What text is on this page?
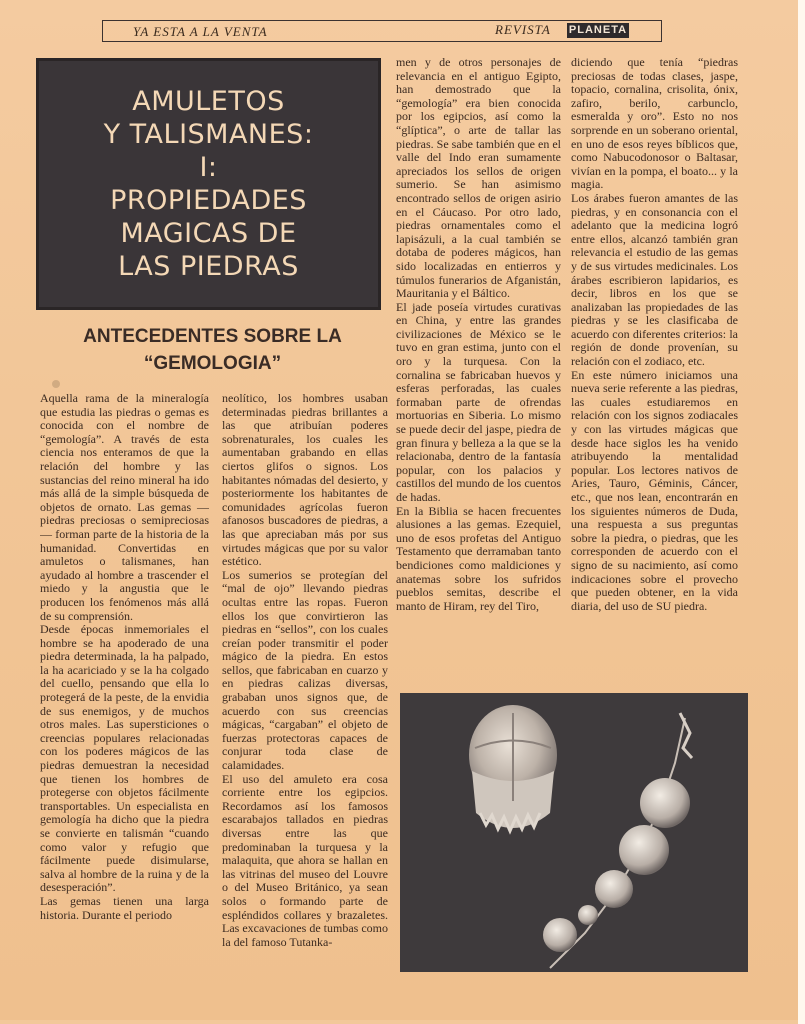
YA ESTA A LA VENTA	REVISTA PLANETA
AMULETOS
Y TALISMANES:
I:
PROPIEDADES
MAGICAS DE
LAS PIEDRAS
ANTECEDENTES SOBRE LA
“GEMOLOGIA”

Aquella rama de la mineralogía que estudia las piedras o gemas es conocida con el nombre de “gemología”. A través de esta ciencia nos enteramos de que la relación del hombre y las sustancias del reino mineral ha ido más allá de la simple búsqueda de objetos de ornato. Las gemas —piedras preciosas o semipreciosas— forman parte de la historia de la humanidad. Convertidas en amuletos o talismanes, han ayudado al hombre a trascender el miedo y la angustia que le producen los fenómenos más allá de su comprensión.

Desde épocas inmemoriales el hombre se ha apoderado de una piedra determinada, la ha palpado, la ha acariciado y se la ha colgado del cuello, pensando que ella lo protegerá de la peste, de la envidia de sus enemigos, y de muchos otros males. Las supersticiones o creencias populares relacionadas con los poderes mágicos de las piedras demuestran la necesidad que tienen los hombres de protegerse con objetos fácilmente transportables. Un especialista en gemología ha dicho que la piedra se convierte en talismán “cuando como valor y refugio que fácilmente puede disimularse, salva al hombre de la ruina y de la desesperación”.

Las gemas tienen una larga historia. Durante el periodo

neolítico, los hombres usaban determinadas piedras brillantes a las que atribuían poderes sobrenaturales, los cuales les aumentaban grabando en ellas ciertos glifos o signos. Los habitantes nómadas del desierto, y posteriormente los habitantes de comunidades agrícolas fueron afanosos buscadores de piedras, a las que apreciaban más por sus virtudes mágicas que por su valor estético.

Los sumerios se protegían del “mal de ojo” llevando piedras ocultas entre las ropas. Fueron ellos los que convirtieron las piedras en “sellos”, con los cuales creían poder transmitir el poder mágico de la piedra. En estos sellos, que fabricaban en cuarzo y en piedras calizas diversas, grababan unos signos que, de acuerdo con sus creencias mágicas, “cargaban” el objeto de fuerzas protectoras capaces de conjurar toda clase de calamidades.

El uso del amuleto era cosa corriente entre los egipcios. Recordamos así los famosos escarabajos tallados en piedras diversas entre las que predominaban la turquesa y la malaquita, que ahora se hallan en las vitrinas del museo del Louvre o del Museo Británico, ya sean solos o formando parte de espléndidos collares y brazaletes. Las excavaciones de tumbas como la del famoso Tutanka-

men y de otros personajes de relevancia en el antiguo Egipto, han demostrado que la “gemología” era bien conocida por los egipcios, así como la “glíptica”, o arte de tallar las piedras. Se sabe también que en el valle del Indo eran sumamente apreciados los sellos de origen sumerio. Se han asimismo encontrado sellos de origen asirio en el Cáucaso. Por otro lado, piedras ornamentales como el lapisázuli, a la cual también se dotaba de poderes mágicos, han sido localizadas en entierros y túmulos funerarios de Afganistán, Mauritania y el Báltico.

El jade poseía virtudes curativas en China, y entre las grandes civilizaciones de México se le tuvo en gran estima, junto con el oro y la turquesa. Con la cornalina se fabricaban huevos y esferas perforadas, las cuales formaban parte de ofrendas mortuorias en Siberia. Lo mismo se puede decir del jaspe, piedra de gran finura y belleza a la que se la relacionaba, dentro de la fantasía popular, con los palacios y castillos del mundo de los cuentos de hadas.

En la Biblia se hacen frecuentes alusiones a las gemas. Ezequiel, uno de esos profetas del Antiguo Testamento que derramaban tanto bendiciones como maldiciones y anatemas sobre los sufridos pueblos semitas, describe el manto de Hiram, rey del Tiro,

diciendo que tenía “piedras preciosas de todas clases, jaspe, topacio, cornalina, crisolita, ónix, zafiro, berilo, carbunclo, esmeralda y oro”. Esto no nos sorprende en un soberano oriental, en uno de esos reyes bíblicos que, como Nabucodonosor o Baltasar, vivían en la pompa, el boato... y la magia.

Los árabes fueron amantes de las piedras, y en consonancia con el adelanto que la medicina logró entre ellos, alcanzó también gran relevancia el estudio de las gemas y de sus virtudes medicinales. Los árabes escribieron lapidarios, es decir, libros en los que se analizaban las propiedades de las piedras y se les clasificaba de acuerdo con diferentes criterios: la región de donde provenían, su relación con el zodiaco, etc.

En este número iniciamos una nueva serie referente a las piedras, las cuales estudiaremos en relación con los signos zodiacales y con las virtudes mágicas que desde hace siglos les ha venido atribuyendo la mentalidad popular. Los lectores nativos de Aries, Tauro, Géminis, Cáncer, etc., que nos lean, encontrarán en los siguientes números de Duda, una respuesta a sus preguntas sobre la piedra, o piedras, que les corresponden de acuerdo con el signo de su nacimiento, así como indicaciones sobre el provecho que pueden obtener, en la vida diaria, del uso de SU piedra.
